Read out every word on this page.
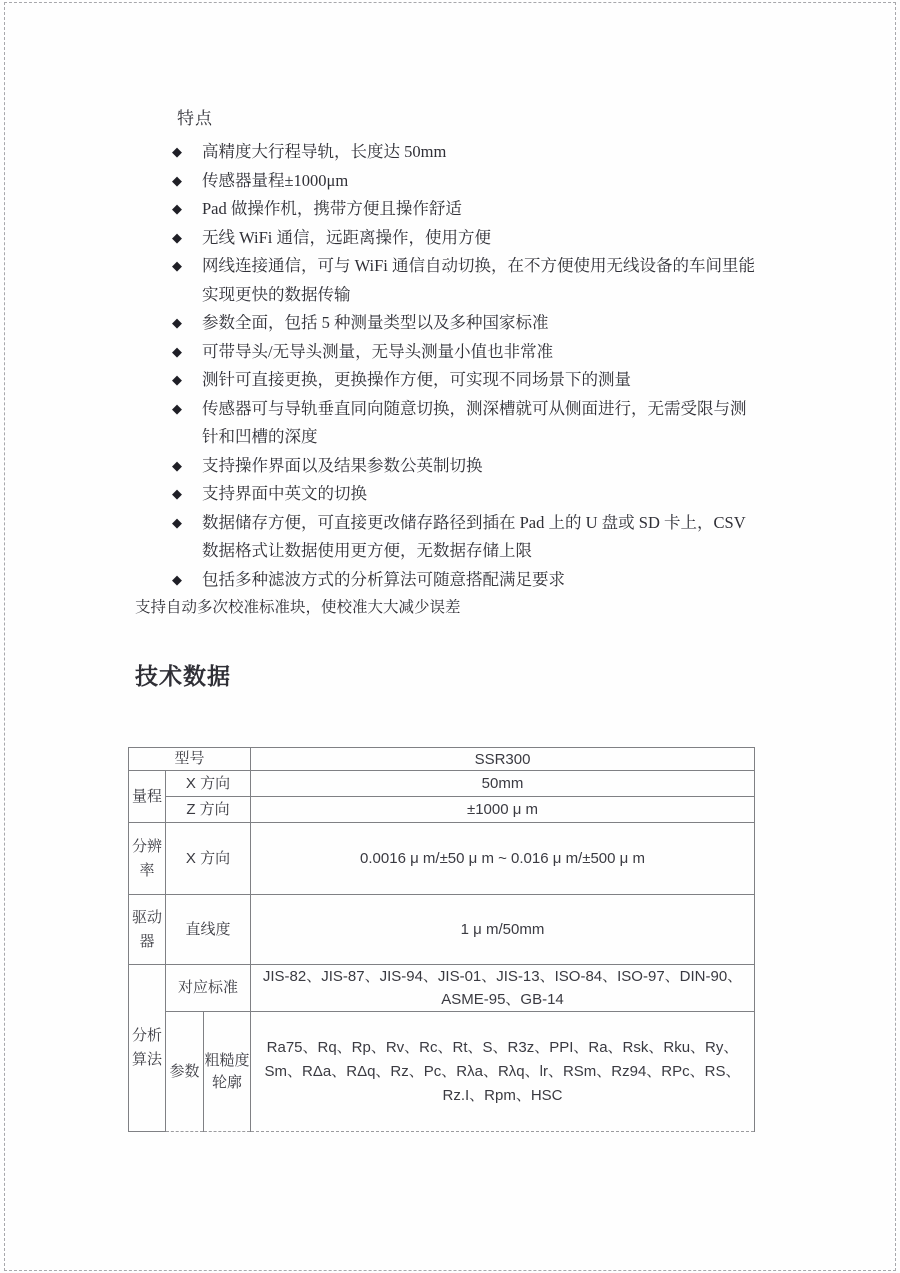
特点
◆ 高精度大行程导轨，长度达 50mm
◆ 传感器量程±1000μm
◆ Pad 做操作机，携带方便且操作舒适
◆ 无线 WiFi 通信，远距离操作，使用方便
◆ 网线连接通信，可与 WiFi 通信自动切换，在不方便使用无线设备的车间里能实现更快的数据传输
◆ 参数全面，包括 5 种测量类型以及多种国家标准
◆ 可带导头/无导头测量，无导头测量小值也非常准
◆ 测针可直接更换，更换操作方便，可实现不同场景下的测量
◆ 传感器可与导轨垂直同向随意切换，测深槽就可从侧面进行，无需受限与测针和凹槽的深度
◆ 支持操作界面以及结果参数公英制切换
◆ 支持界面中英文的切换
◆ 数据储存方便，可直接更改储存路径到插在 Pad 上的 U 盘或 SD 卡上，CSV 数据格式让数据使用更方便，无数据存储上限
◆ 包括多种滤波方式的分析算法可随意搭配满足要求
支持自动多次校准标准块，使校准大大减少误差
技术数据
型号			SSR300
量程	X 方向		50mm
	Z 方向		±1000 μ m
分辨率	X 方向		0.0016 μ m/±50 μ m ~ 0.016 μ m/±500 μ m
驱动器	直线度		1 μ m/50mm
分析算法	对应标准		JIS-82、JIS-87、JIS-94、JIS-01、JIS-13、ISO-84、ISO-97、DIN-90、ASME-95、GB-14
	参数	粗糙度轮廓	Ra75、Rq、Rp、Rv、Rc、Rt、S、R3z、PPI、Ra、Rsk、Rku、Ry、Sm、RΔa、RΔq、Rz、Pc、Rλa、Rλq、lr、RSm、Rz94、RPc、RS、Rz.I、Rpm、HSC
